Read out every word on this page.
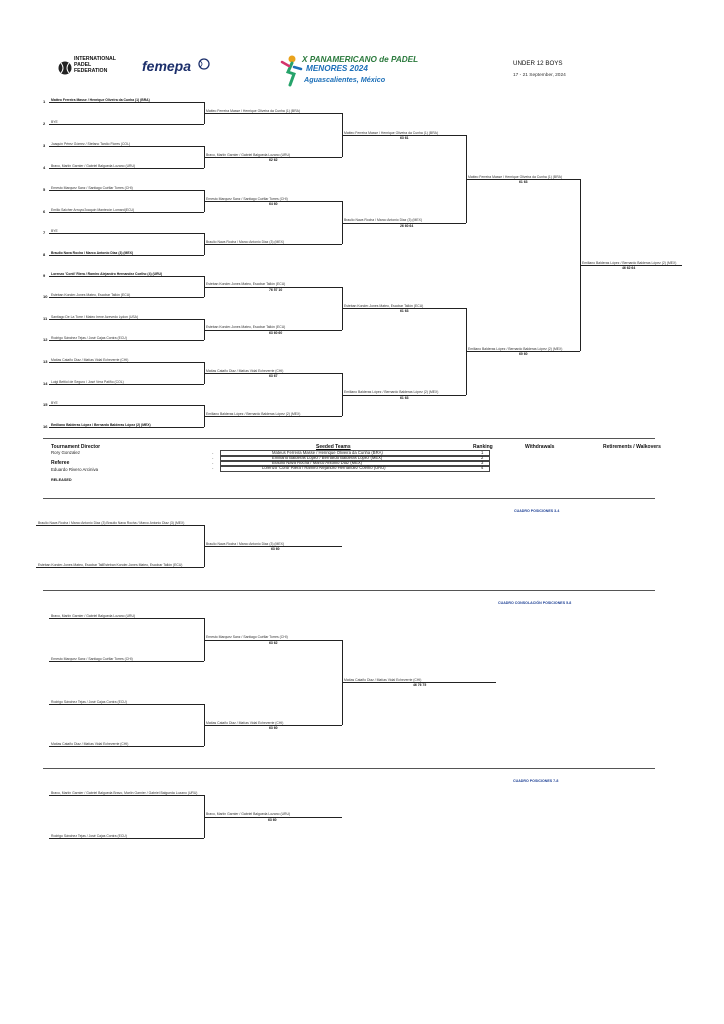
INTERNATIONAL
PADEL
FEDERATION	femepa	X PANAMERICANO de PADEL
MENORES 2024
Aguascalientes, México
UNDER 12 BOYS
17 - 21 September, 2024
1 Matteo Ferreira Masse / Henrique Oliveira da Cunha (1) (BRA)
2 BYE
3 Joaquín Pérez Gómez / Stefano Tardío Flores (COL)
4 Bravo, Marlín Garnier / Gabriel Balgueda Lozano (URU)
5 Ernesto Marquez Sanz / Santiago Cuéllar Torres (CHI)
6 Emilio Salcher Arroyo/Joaquín Mantecón Lomard(ECU)
7 BYE
8 Braulio Nava Rocha / Marco Antonio Diaz (3) (MEX)
9 Lorenzo 'Conti' Riera / Ramiro Alejandro Hernandez Coelho (4) (URU)
10 Esteban Konder-Jones Mateo, Escobar Tallón (ECU)
11 Santiago De La Torre / Mateo Irene Azevedo Lydon (USA)
12 Rodrigo Sánchez Tejas / José Cajas Contra (ECU)
13 Matías Cataño Diaz / Matías Vidal Echeverrie (CHI)
14 Luigi Bettiol de Seguro / José Vera Patiño (COL)
15 BYE
16 Emiliano Balderas López / Bernardo Balderas López (2) (MEX)
Matteo Ferreira Masse / Henrique Oliveira da Cunha (1) (BRA)
Bravo, Marlín Garnier / Gabriel Balgueda Lozano (URU)
62 62
Ernesto Marquez Sanz / Santiago Cuéllar Torres (CHI)
64 60
Braulio Nava Rocha / Marco Antonio Diaz (3) (MEX)
Esteban Konder-Jones Mateo, Escobar Tallón (ECU)
76 57 10
Esteban Konder-Jones Mateo, Escobar Tallón (ECU)
63 60 60
Matías Cataño Diaz / Matías Vidal Echeverrie (CHI)
63 67
Emiliano Balderas López / Bernardo Balderas López (2) (MEX)
Matteo Ferreira Masse / Henrique Oliveira da Cunha (1) (BRA)
63 61
Braulio Nava Rocha / Marco Antonio Diaz (3) (MEX)
26 60 64
Esteban Konder-Jones Mateo, Escobar Tallón (ECU)
61 63
Emiliano Balderas López / Bernardo Balderas López (2) (MEX)
61 63
Matteo Ferreira Masse / Henrique Oliveira da Cunha (1) (BRA)
61 63
Emiliano Balderas López / Bernardo Balderas López (2) (MEX)
60 60
Emiliano Balderas López / Bernardo Balderas López (2) (MEX)
46 62 64
Tournament Director
Rory Gonzalez
Referee
Eduardo Rivero Arciniva
RELEASED
Seeded Teams	Ranking	Withdrawals	Retirements / Walkovers
-	Mateus Ferreira Masse / Henrique Oliveira da Cunha (BRA)	1
-	Emiliano Balderas López / Bernardo Balderas López (MEX)	2
-	Braulio Nava Rocha / Marco Antonio Diaz (MEX)	3
-	Lorenzo 'Conti' Riera / Ramiro Alejandro Hernandez Coelho (URU)	4
CUADRO POSICIONES 3-4
Braulio Nava Rocha / Marco Antonio Diaz (3) Braulio Nava Rocha / Marco Antonio Diaz (3) (MEX)
Esteban Konder-Jones Mateo, Escobar TallEsteban Konder-Jones Mateo, Escobar Tallón (ECU)
Braulio Nava Rocha / Marco Antonio Diaz (3) (MEX)
63 60
CUADRO CONSOLACIÓN POSICIONES 5-8
Bravo, Marlín Garnier / Gabriel Balgueda Lozano (URU)
Ernesto Marquez Sanz / Santiago Cuéllar Torres (CHI)
Rodrigo Sánchez Tejas / José Cajas Contra (ECU)
Matías Cataño Diaz / Matías Vidal Echeverrie (CHI)
Ernesto Marquez Sanz / Santiago Cuéllar Torres (CHI)
63 62
Matías Cataño Diaz / Matías Vidal Echeverrie (CHI)
63 60
Matías Cataño Diaz / Matías Vidal Echeverrie (CHI)
46 76 75
CUADRO POSICIONES 7-8
Bravo, Marlín Garnier / Gabriel Balgueda Bravo, Marlín Garnier / Gabriel Balgueda Lozano (URU)
Rodrigo Sánchez Tejas / José Cajas Contra (ECU)
Bravo, Marlín Garnier / Gabriel Balgueda Lozano (URU)
63 60
